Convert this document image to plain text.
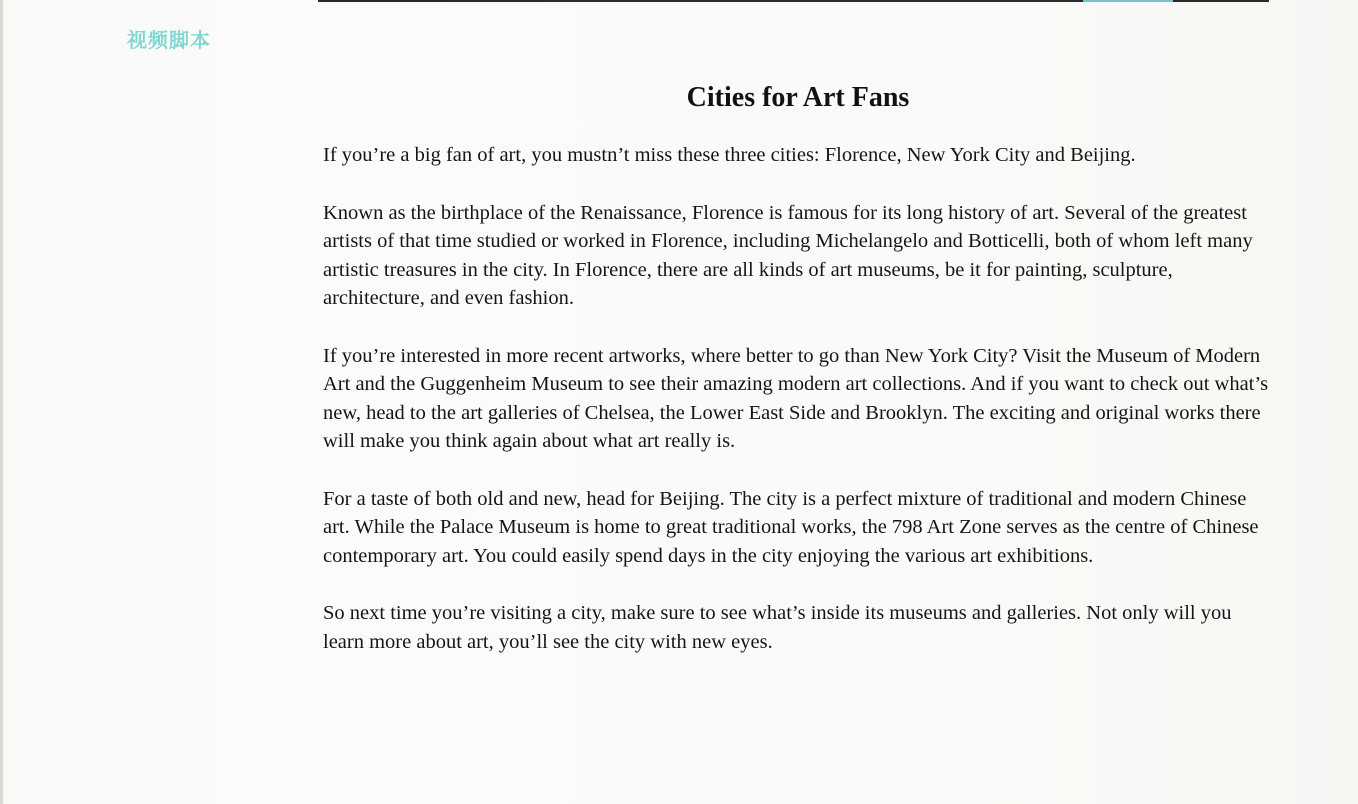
视频脚本
Cities for Art Fans

If you’re a big fan of art, you mustn’t miss these three cities: Florence, New York City and Beijing.

Known as the birthplace of the Renaissance, Florence is famous for its long history of art. Several of the greatest artists of that time studied or worked in Florence, including Michelangelo and Botticelli, both of whom left many artistic treasures in the city. In Florence, there are all kinds of art museums, be it for painting, sculpture, architecture, and even fashion.

If you’re interested in more recent artworks, where better to go than New York City? Visit the Museum of Modern Art and the Guggenheim Museum to see their amazing modern art collections. And if you want to check out what’s new, head to the art galleries of Chelsea, the Lower East Side and Brooklyn. The exciting and original works there will make you think again about what art really is.

For a taste of both old and new, head for Beijing. The city is a perfect mixture of traditional and modern Chinese art. While the Palace Museum is home to great traditional works, the 798 Art Zone serves as the centre of Chinese contemporary art. You could easily spend days in the city enjoying the various art exhibitions.

So next time you’re visiting a city, make sure to see what’s inside its museums and galleries. Not only will you learn more about art, you’ll see the city with new eyes.
